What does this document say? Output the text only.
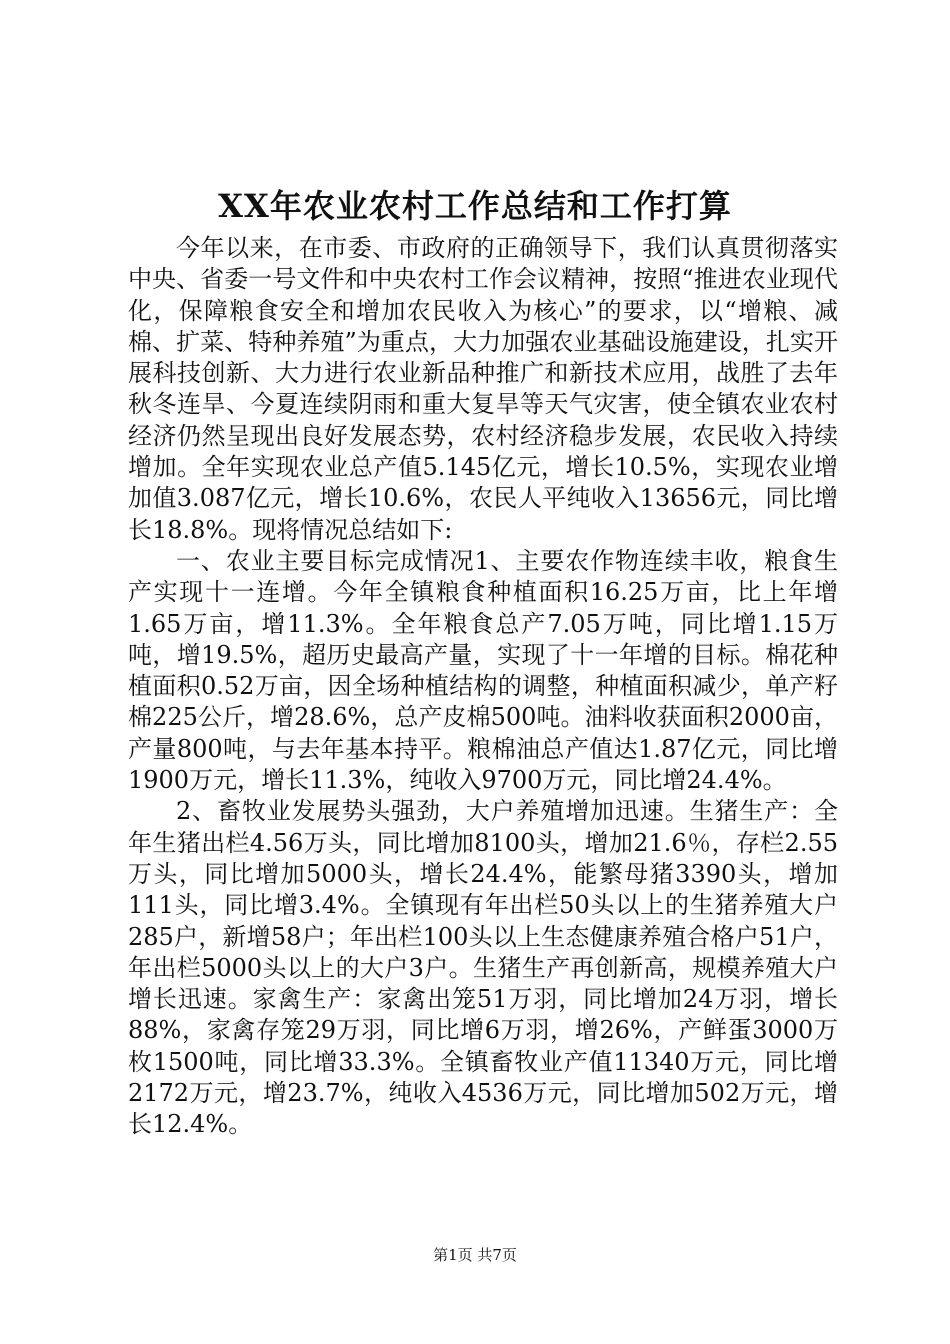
XX年农业农村工作总结和工作打算

今年以来，在市委、市政府的正确领导下，我们认真贯彻落实中央、省委一号文件和中央农村工作会议精神，按照“推进农业现代化，保障粮食安全和增加农民收入为核心”的要求，以“增粮、减棉、扩菜、特种养殖”为重点，大力加强农业基础设施建设，扎实开展科技创新、大力进行农业新品种推广和新技术应用，战胜了去年秋冬连旱、今夏连续阴雨和重大复旱等天气灾害，使全镇农业农村经济仍然呈现出良好发展态势，农村经济稳步发展，农民收入持续增加。全年实现农业总产值5.145亿元，增长10.5%，实现农业增加值3.087亿元，增长10.6%，农民人平纯收入13656元，同比增长18.8%。现将情况总结如下:

一、农业主要目标完成情况1、主要农作物连续丰收，粮食生产实现十一连增。今年全镇粮食种植面积16.25万亩，比上年增1.65万亩，增11.3%。全年粮食总产7.05万吨，同比增1.15万吨，增19.5%，超历史最高产量，实现了十一年增的目标。棉花种植面积0.52万亩，因全场种植结构的调整，种植面积减少，单产籽棉225公斤，增28.6%，总产皮棉500吨。油料收获面积2000亩，产量800吨，与去年基本持平。粮棉油总产值达1.87亿元，同比增1900万元，增长11.3%，纯收入9700万元，同比增24.4%。

2、畜牧业发展势头强劲，大户养殖增加迅速。生猪生产：全年生猪出栏4.56万头，同比增加8100头，增加21.6％，存栏2.55万头，同比增加5000头，增长24.4%，能繁母猪3390头，增加111头，同比增3.4%。全镇现有年出栏50头以上的生猪养殖大户285户，新增58户；年出栏100头以上生态健康养殖合格户51户，年出栏5000头以上的大户3户。生猪生产再创新高，规模养殖大户增长迅速。家禽生产：家禽出笼51万羽，同比增加24万羽，增长88%，家禽存笼29万羽，同比增6万羽，增26%，产鲜蛋3000万枚1500吨，同比增33.3%。全镇畜牧业产值11340万元，同比增2172万元，增23.7%，纯收入4536万元，同比增加502万元，增长12.4%。

第1页 共7页
